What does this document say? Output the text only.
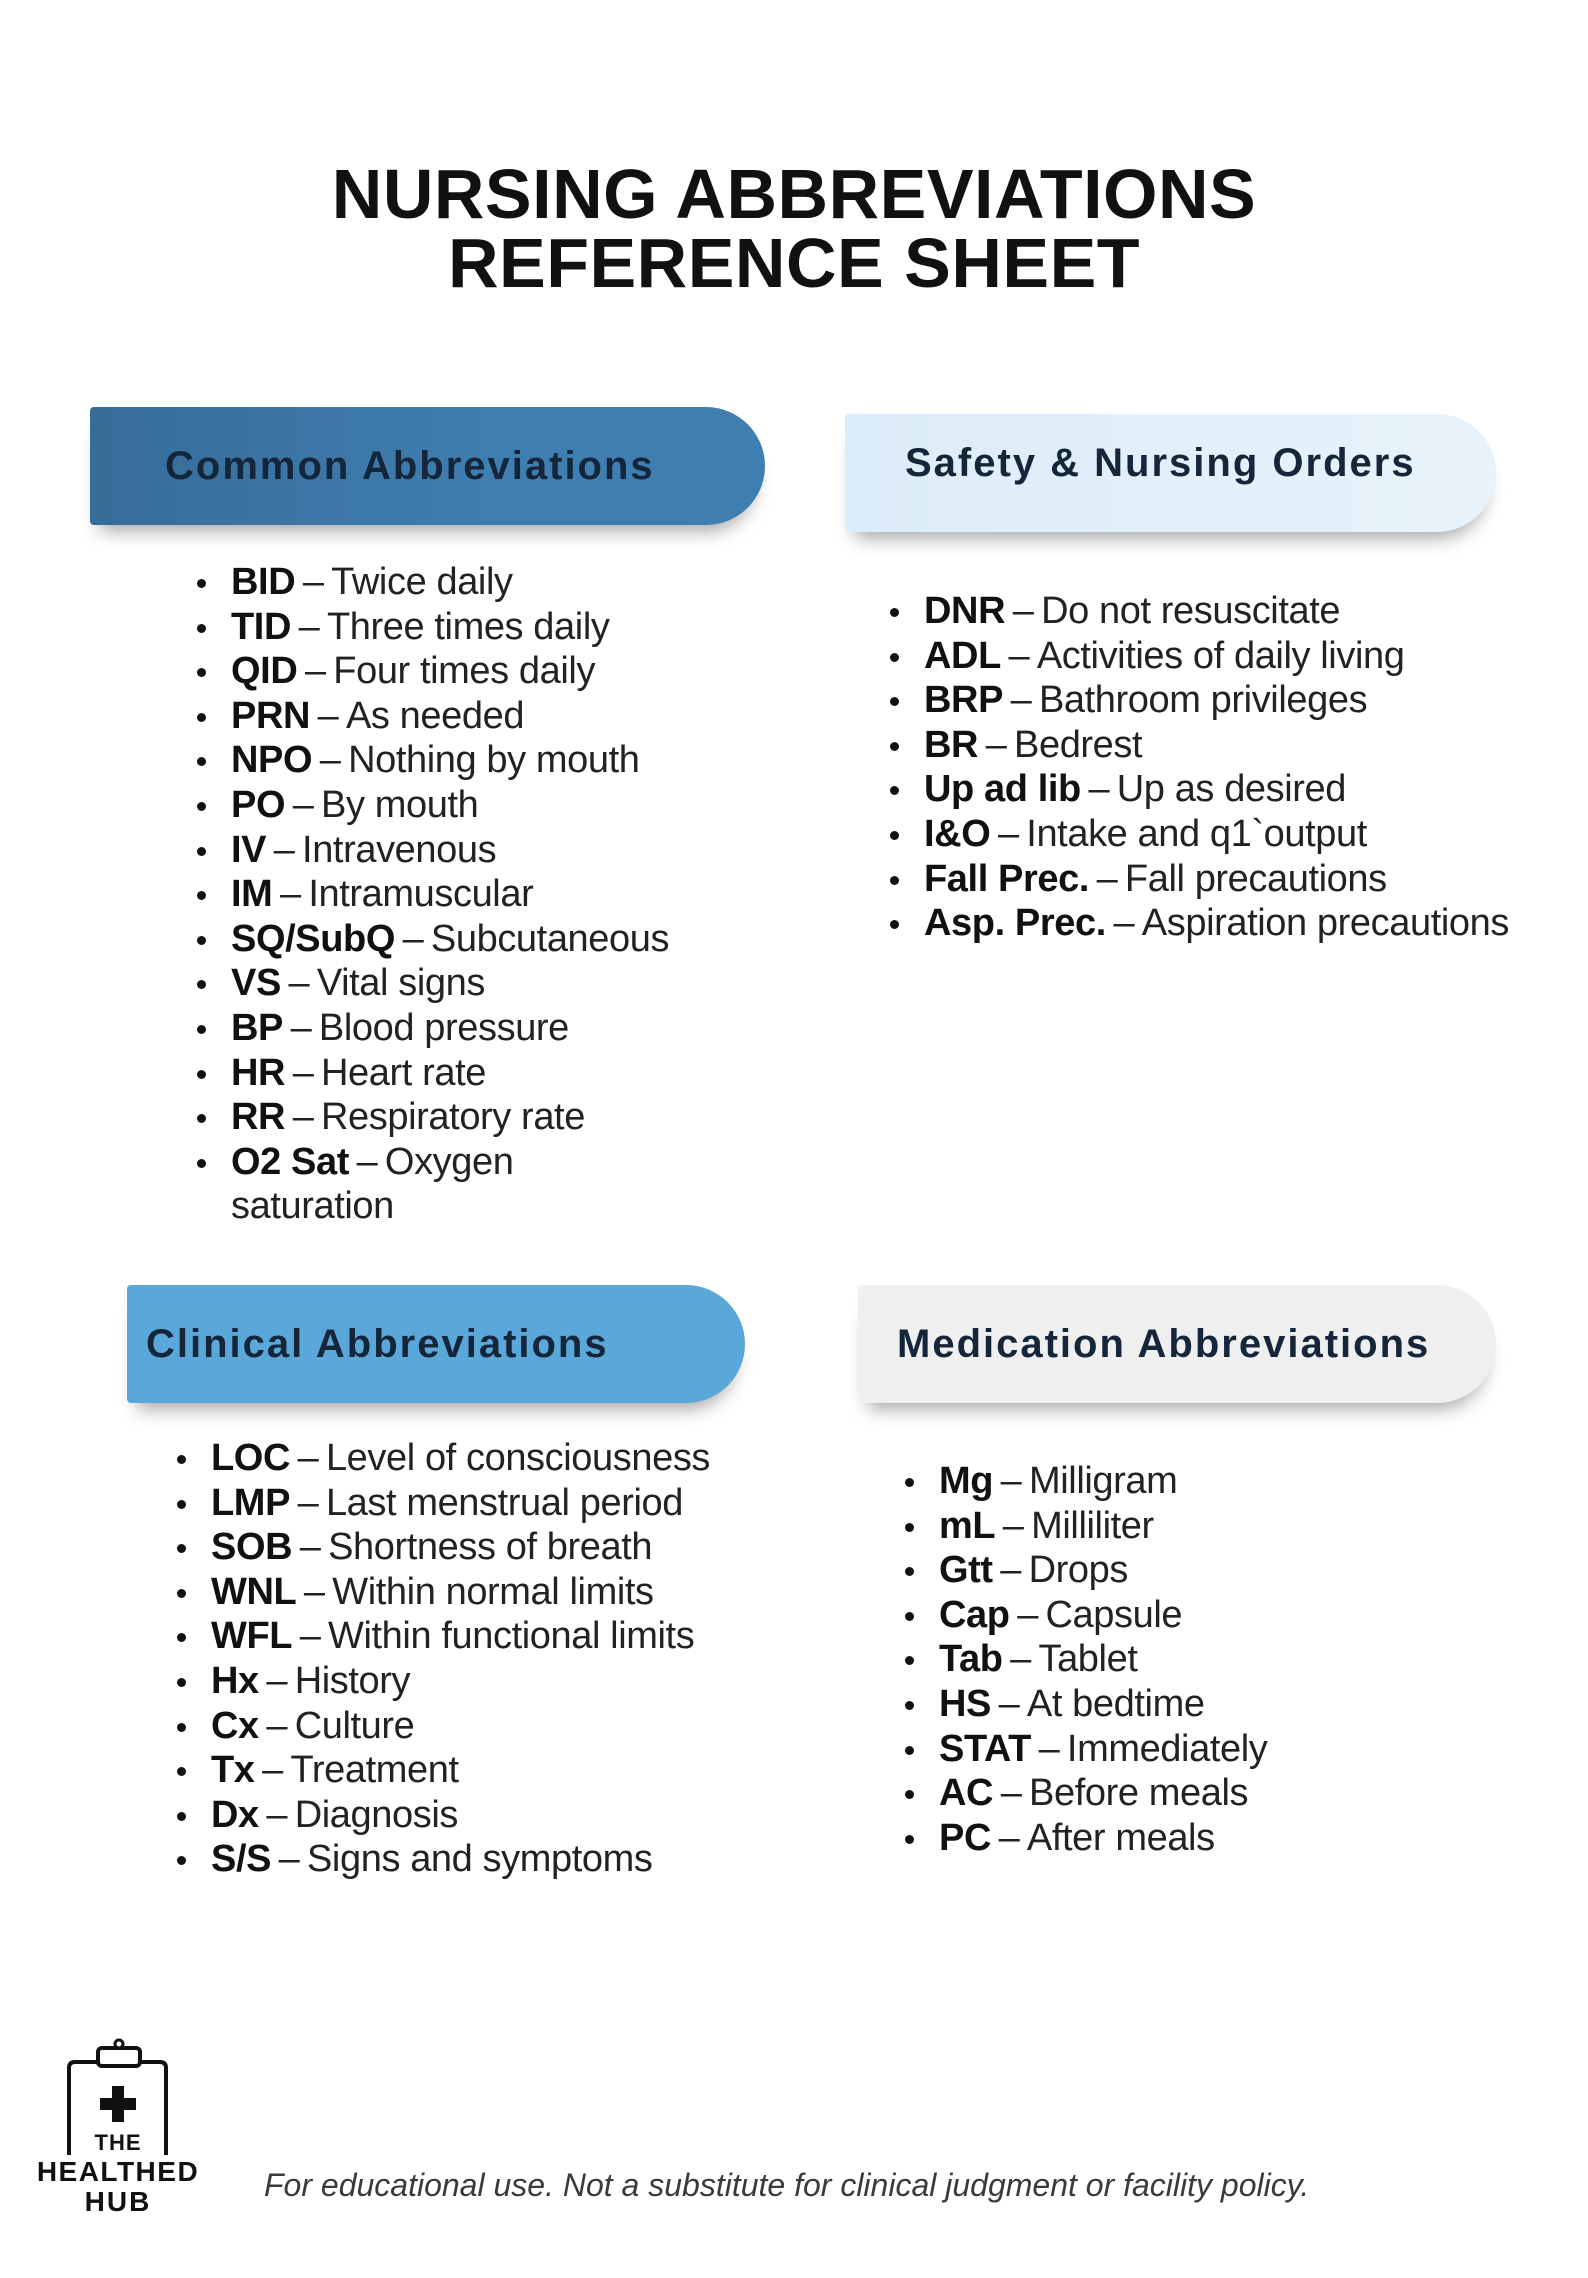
NURSING ABBREVIATIONS
REFERENCE SHEET
Common Abbreviations
BID – Twice daily
TID – Three times daily
QID – Four times daily
PRN – As needed
NPO – Nothing by mouth
PO – By mouth
IV – Intravenous
IM – Intramuscular
SQ/SubQ – Subcutaneous
VS – Vital signs
BP – Blood pressure
HR – Heart rate
RR – Respiratory rate
O2 Sat – Oxygen saturation
Safety & Nursing Orders
DNR – Do not resuscitate
ADL – Activities of daily living
BRP – Bathroom privileges
BR – Bedrest
Up ad lib – Up as desired
I&O – Intake and q1`output
Fall Prec. – Fall precautions
Asp. Prec. – Aspiration precautions
Clinical Abbreviations
LOC – Level of consciousness
LMP – Last menstrual period
SOB – Shortness of breath
WNL – Within normal limits
WFL – Within functional limits
Hx – History
Cx – Culture
Tx – Treatment
Dx – Diagnosis
S/S – Signs and symptoms
Medication Abbreviations
Mg – Milligram
mL – Milliliter
Gtt – Drops
Cap – Capsule
Tab – Tablet
HS – At bedtime
STAT – Immediately
AC – Before meals
PC – After meals
THE
HEALTHED
HUB	For educational use. Not a substitute for clinical judgment or facility policy.
